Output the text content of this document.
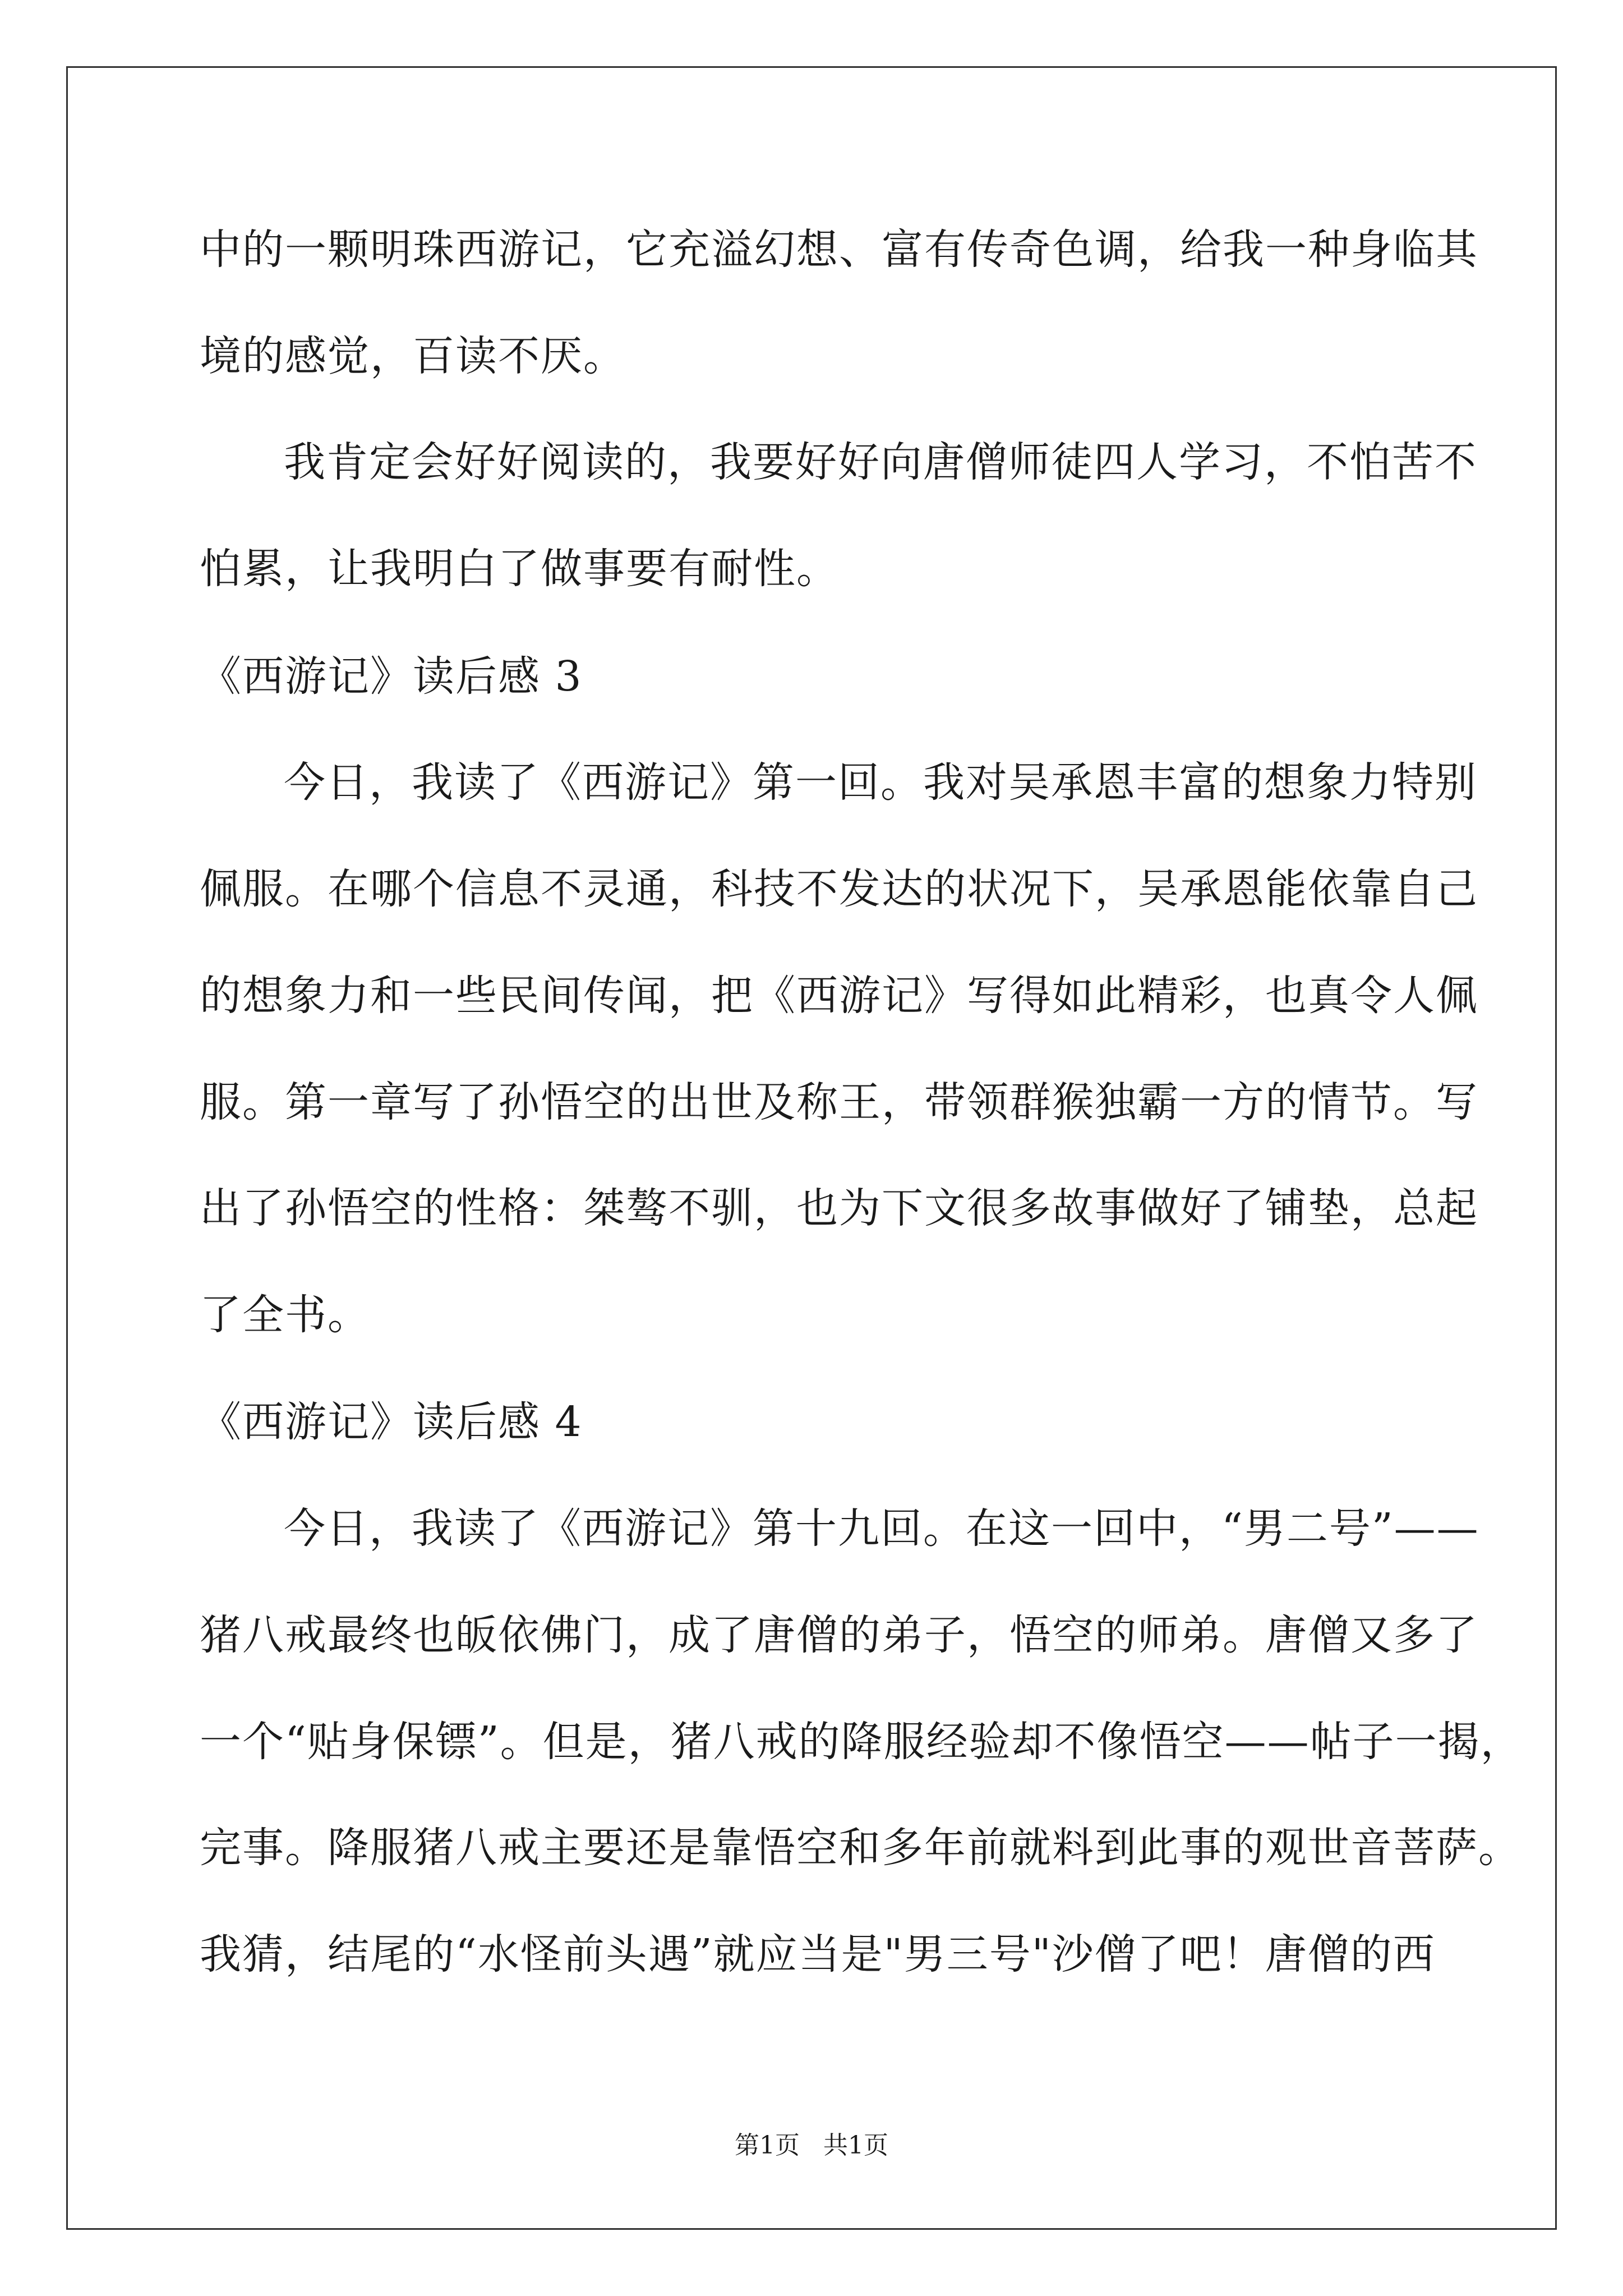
中的一颗明珠西游记，它充溢幻想、富有传奇色调，给我一种身临其
境的感觉，百读不厌。
我肯定会好好阅读的，我要好好向唐僧师徒四人学习，不怕苦不
怕累，让我明白了做事要有耐性。
《西游记》读后感 3
今日，我读了《西游记》第一回。我对吴承恩丰富的想象力特别
佩服。在哪个信息不灵通，科技不发达的状况下，吴承恩能依靠自己
的想象力和一些民间传闻，把《西游记》写得如此精彩，也真令人佩
服。第一章写了孙悟空的出世及称王，带领群猴独霸一方的情节。写
出了孙悟空的性格：桀骜不驯，也为下文很多故事做好了铺垫，总起
了全书。
《西游记》读后感 4
今日，我读了《西游记》第十九回。在这一回中，“男二号”——
猪八戒最终也皈依佛门，成了唐僧的弟子，悟空的师弟。唐僧又多了
一个“贴身保镖”。但是，猪八戒的降服经验却不像悟空——帖子一揭，
完事。降服猪八戒主要还是靠悟空和多年前就料到此事的观世音菩萨。
我猜，结尾的“水怪前头遇”就应当是"男三号"沙僧了吧！唐僧的西
第1页   共1页
